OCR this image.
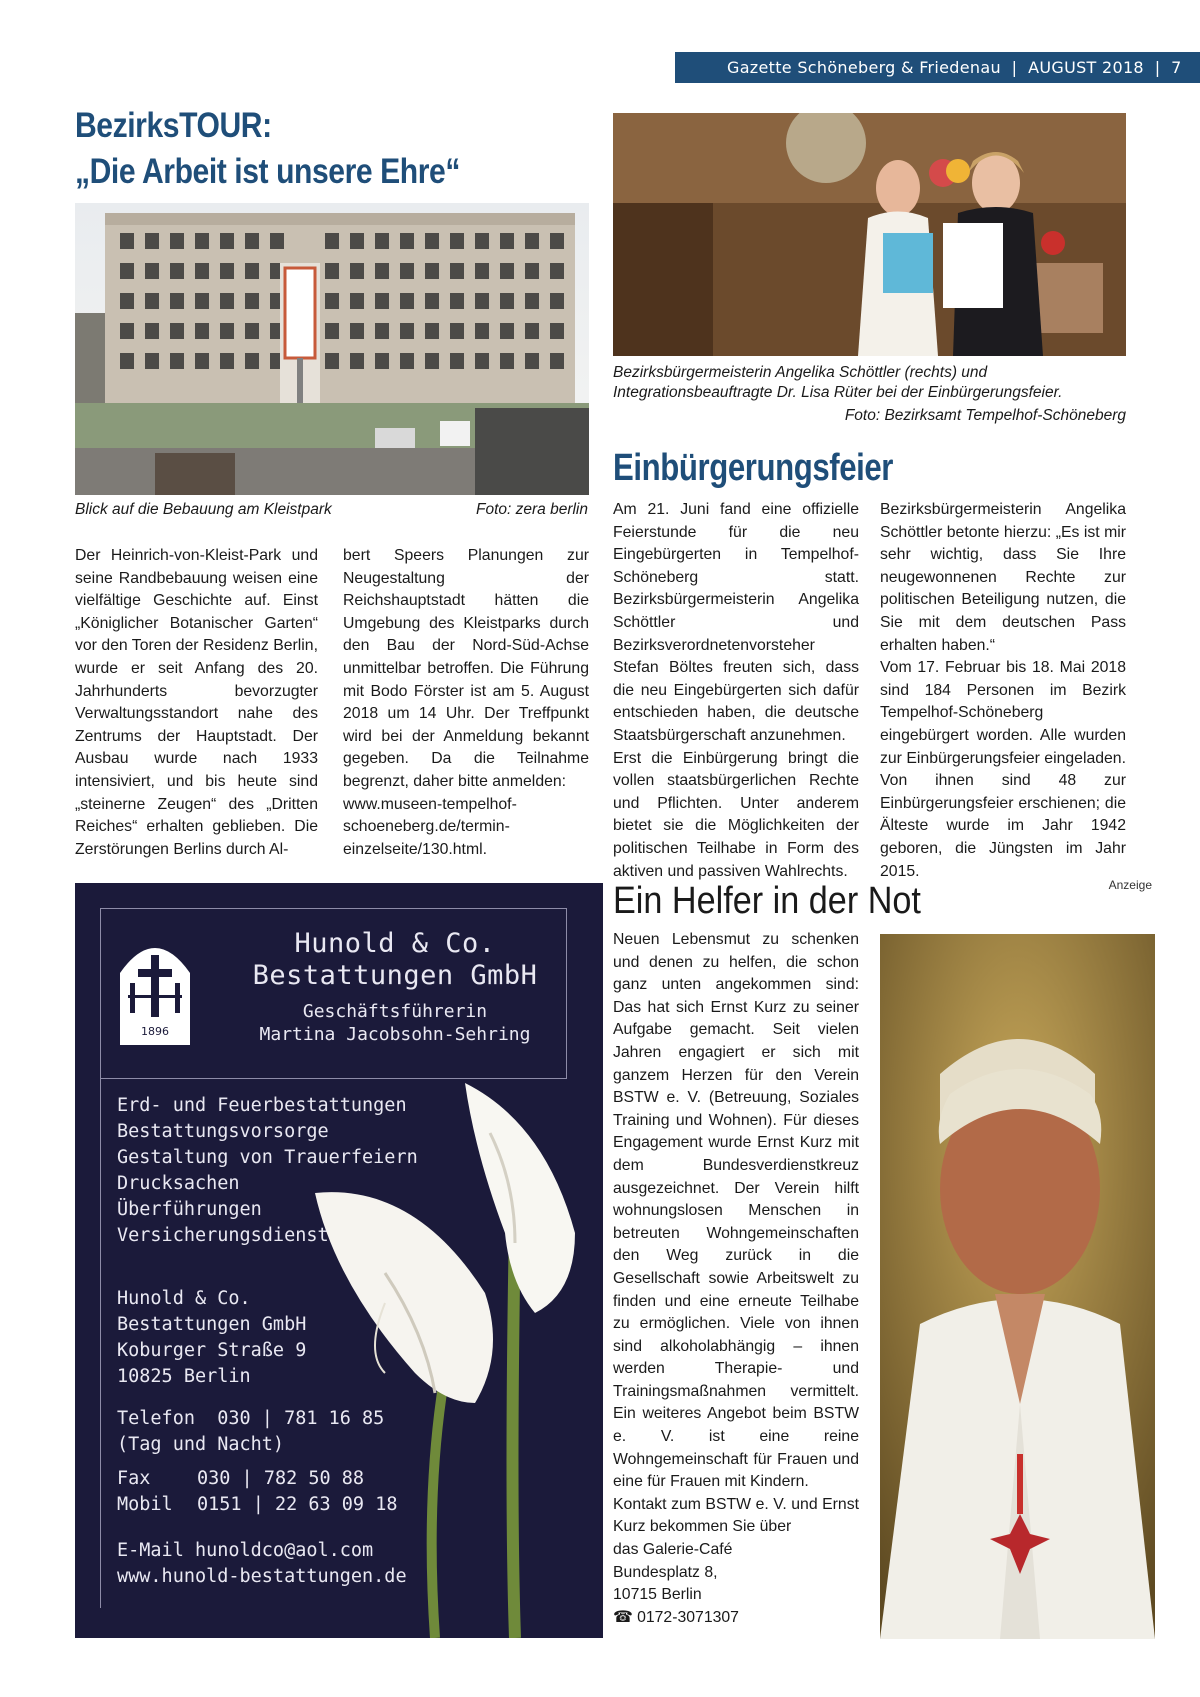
Gazette Schöneberg & Friedenau  |  AUGUST 2018  |  7
BezirksTOUR:
„Die Arbeit ist unsere Ehre“
Blick auf die Bebauung am Kleistpark	Foto: zera berlin

Der Heinrich-von-Kleist-Park und seine Randbebauung weisen eine vielfältige Geschichte auf. Einst „Königlicher Botanischer Garten“ vor den Toren der Residenz Berlin, wurde er seit Anfang des 20. Jahrhunderts bevorzugter Verwaltungsstandort nahe des Zentrums der Hauptstadt. Der Ausbau wurde nach 1933 intensiviert, und bis heute sind „steinerne Zeugen“ des „Dritten Reiches“ erhalten geblieben. Die Zerstörungen Berlins durch Al-

bert Speers Planungen zur Neugestaltung der Reichshauptstadt hätten die Umgebung des Kleistparks durch den Bau der Nord-Süd-Achse unmittelbar betroffen. Die Führung mit Bodo Förster ist am 5. August 2018 um 14 Uhr. Der Treffpunkt wird bei der Anmeldung bekannt gegeben. Da die Teilnahme begrenzt, daher bitte anmelden:

www.museen-tempelhof-

schoeneberg.de/termin-

einzelseite/130.html.

Bezirksbürgermeisterin Angelika Schöttler (rechts) und
Integrationsbeauftragte Dr. Lisa Rüter bei der Einbürgerungsfeier.
Foto: Bezirksamt Tempelhof-Schöneberg
Einbürgerungsfeier

Am 21. Juni fand eine offizielle Feierstunde für die neu Eingebürgerten in Tempelhof-Schöneberg statt. Bezirksbürgermeisterin Angelika Schöttler und Bezirksverordnetenvorsteher Stefan Böltes freuten sich, dass die neu Eingebürgerten sich dafür entschieden haben, die deutsche Staatsbürgerschaft anzunehmen.

Erst die Einbürgerung bringt die vollen staatsbürgerlichen Rechte und Pflichten. Unter anderem bietet sie die Möglichkeiten der politischen Teilhabe in Form des aktiven und passiven Wahlrechts.

Bezirksbürgermeisterin Angelika Schöttler betonte hierzu: „Es ist mir sehr wichtig, dass Sie Ihre neugewonnenen Rechte zur politischen Beteiligung nutzen, die Sie mit dem deutschen Pass erhalten haben.“

Vom 17. Februar bis 18. Mai 2018 sind 184 Personen im Bezirk Tempelhof-Schöneberg eingebürgert worden. Alle wurden zur Einbürgerungsfeier eingeladen. Von ihnen sind 48 zur Einbürgerungsfeier erschienen; die Älteste wurde im Jahr 1942 geboren, die Jüngsten im Jahr 2015.

Ein Helfer in der Not	Anzeige

Neuen Lebensmut zu schenken und denen zu helfen, die schon ganz unten angekommen sind: Das hat sich Ernst Kurz zu seiner Aufgabe gemacht. Seit vielen Jahren engagiert er sich mit ganzem Herzen für den Verein BSTW e. V. (Betreuung, Soziales Training und Wohnen). Für dieses Engagement wurde Ernst Kurz mit dem Bundesverdienstkreuz ausgezeichnet. Der Verein hilft wohnungslosen Menschen in betreuten Wohngemeinschaften den Weg zurück in die Gesellschaft sowie Arbeitswelt zu finden und eine erneute Teilhabe zu ermöglichen. Viele von ihnen sind alkoholabhängig – ihnen werden Therapie- und Trainingsmaßnahmen vermittelt. Ein weiteres Angebot beim BSTW e. V. ist eine reine Wohngemeinschaft für Frauen und eine für Frauen mit Kindern.

Kontakt zum BSTW e. V. und Ernst Kurz bekommen Sie über

das Galerie-Café

Bundesplatz 8,

10715 Berlin

☎ 0172-3071307

1896
Hunold & Co.
Bestattungen GmbH
Geschäftsführerin
Martina Jacobsohn-Sehring
Erd- und Feuerbestattungen
Bestattungsvorsorge
Gestaltung von Trauerfeiern
Drucksachen
Überführungen
Versicherungsdienst
Hunold & Co.
Bestattungen GmbH
Koburger Straße 9
10825 Berlin
Telefon  030 | 781 16 85
(Tag und Nacht)
Fax	030 | 782 50 88
Mobil 0151 | 22 63 09 18
E-Mail hunoldco@aol.com
www.hunold-bestattungen.de
